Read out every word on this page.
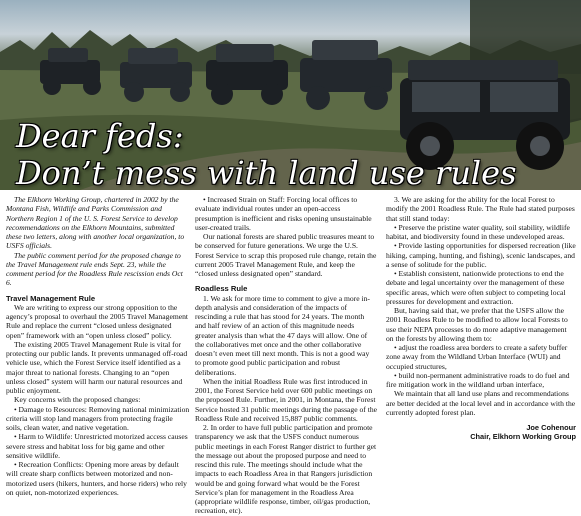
Dear feds:
Don’t mess with land use rules

The Elkhorn Working Group, chartered in 2002 by the Montana Fish, Wildlife and Parks Commission and Northern Region 1 of the U. S. Forest Service to develop recommendations on the Elkhorn Mountains, submitted these two letters, along with another local organization, to USFS officials.

The public comment period for the proposed change to the Travel Management rule ends Sept. 23, while the comment period for the Roadless Rule rescission ends Oct 6.

Travel Management Rule

We are writing to express our strong opposition to the agency’s proposal to overhaul the 2005 Travel Management Rule and replace the current “closed unless designated open” framework with an “open unless closed” policy.

The existing 2005 Travel Management Rule is vital for protecting our public lands. It prevents unmanaged off-road vehicle use, which the Forest Service itself identified as a major threat to national forests. Changing to an “open unless closed” system will harm our natural resources and public enjoyment.

Key concerns with the proposed changes:

• Damage to Resources: Removing national minimization criteria will stop land managers from protecting fragile soils, clean water, and native vegetation.

• Harm to Wildlife: Unrestricted motorized access causes severe stress and habitat loss for big game and other sensitive wildlife.

• Recreation Conflicts: Opening more areas by default will create sharp conflicts between motorized and non-motorized users (hikers, hunters, and horse riders) who rely on quiet, non-motorized experiences.

• Increased Strain on Staff: Forcing local offices to evaluate individual routes under an open-access presumption is inefficient and risks opening unsustainable user-created trails.

Our national forests are shared public treasures meant to be conserved for future generations. We urge the U.S. Forest Service to scrap this proposed rule change, retain the current 2005 Travel Management Rule, and keep the “closed unless designated open” standard.

Roadless Rule

1. We ask for more time to comment to give a more in-depth analysis and consideration of the impacts of rescinding a rule that has stood for 24 years. The month and half review of an action of this magnitude needs greater analysis than what the 47 days will allow. One of the collaboratives met once and the other collaborative doesn’t even meet till next month. This is not a good way to promote good public participation and robust deliberations.

When the initial Roadless Rule was first introduced in 2001, the Forest Service held over 600 public meetings on the proposed Rule. Further, in 2001, in Montana, the Forest Service hosted 31 public meetings during the passage of the Roadless Rule and received 15,887 public comments.

2. In order to have full public participation and promote transparency we ask that the USFS conduct numerous public meetings in each Forest Ranger district to further get the message out about the proposed purpose and need to rescind this rule. The meetings should include what the impacts to each Roadless Area in that Rangers jurisdiction would be and going forward what would be the Forest Service’s plan for management in the Roadless Area (appropriate wildlife response, timber, oil/gas production, recreation, etc).

3. We are asking for the ability for the local Forest to modify the 2001 Roadless Rule. The Rule had stated purposes that still stand today:

• Preserve the pristine water quality, soil stability, wildlife habitat, and biodiversity found in these undeveloped areas.

• Provide lasting opportunities for dispersed recreation (like hiking, camping, hunting, and fishing), scenic landscapes, and a sense of solitude for the public.

• Establish consistent, nationwide protections to end the debate and legal uncertainty over the management of these specific areas, which were often subject to competing local pressures for development and extraction.

But, having said that, we prefer that the USFS allow the 2001 Roadless Rule to be modified to allow local Forests to use their NEPA processes to do more adaptive management on the forests by allowing them to:

• adjust the roadless area borders to create a safety buffer zone away from the Wildland Urban Interface (WUI) and occupied structures,

• build non-permanent administrative roads to do fuel and fire mitigation work in the wildland urban interface,

We maintain that all land use plans and recommendations are better decided at the local level and in accordance with the currently adopted forest plan.

Joe Cohenour

Chair, Elkhorn Working Group
